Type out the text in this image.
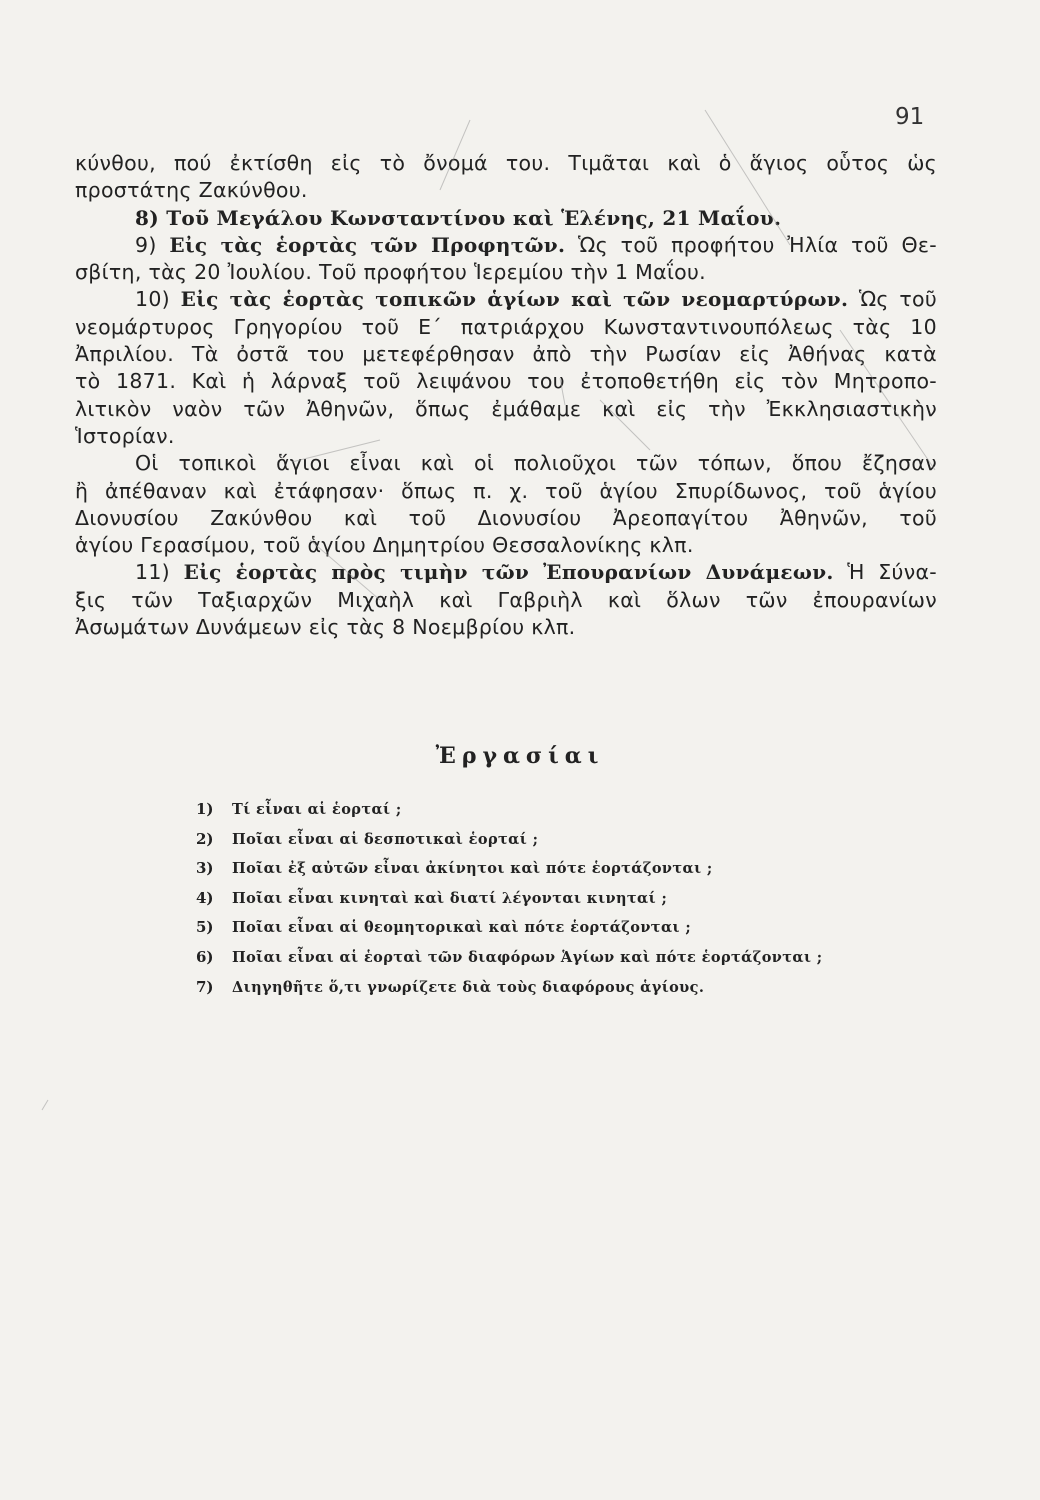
91
κύνθου, πού ἐκτίσθη εἰς τὸ ὄνομά του. Τιμᾶται καὶ ὁ ἅγιος οὗτος ὡς
προστάτης Ζακύνθου.
8) Τοῦ Μεγάλου Κωνσταντίνου καὶ Ἑλένης, 21 Μαΐου.
9) Εἰς τὰς ἑορτὰς τῶν Προφητῶν. Ὡς τοῦ προφήτου Ἠλία τοῦ Θε-
σβίτη, τὰς 20 Ἰουλίου. Τοῦ προφήτου Ἱερεμίου τὴν 1 Μαΐου.
10) Εἰς τὰς ἑορτὰς τοπικῶν ἁγίων καὶ τῶν νεομαρτύρων. Ὡς τοῦ
νεομάρτυρος Γρηγορίου τοῦ Ε΄ πατριάρχου Κωνσταντινουπόλεως τὰς 10
Ἀπριλίου. Τὰ ὀστᾶ του μετεφέρθησαν ἀπὸ τὴν Ρωσίαν εἰς Ἀθήνας κατὰ
τὸ 1871. Καὶ ἡ λάρναξ τοῦ λειψάνου του ἐτοποθετήθη εἰς τὸν Μητροπο-
λιτικὸν ναὸν τῶν Ἀθηνῶν, ὅπως ἐμάθαμε καὶ εἰς τὴν Ἐκκλησιαστικὴν
Ἱστορίαν.
Οἱ τοπικοὶ ἅγιοι εἶναι καὶ οἱ πολιοῦχοι τῶν τόπων, ὅπου ἔζησαν
ἢ ἀπέθαναν καὶ ἐτάφησαν· ὅπως π. χ. τοῦ ἁγίου Σπυρίδωνος, τοῦ ἁγίου
Διονυσίου Ζακύνθου καὶ τοῦ Διονυσίου Ἀρεοπαγίτου Ἀθηνῶν, τοῦ
ἁγίου Γερασίμου, τοῦ ἁγίου Δημητρίου Θεσσαλονίκης κλπ.
11) Εἰς ἑορτὰς πρὸς τιμὴν τῶν Ἐπουρανίων Δυνάμεων. Ἡ Σύνα-
ξις τῶν Ταξιαρχῶν Μιχαὴλ καὶ Γαβριὴλ καὶ ὅλων τῶν ἐπουρανίων
Ἀσωμάτων Δυνάμεων εἰς τὰς 8 Νοεμβρίου κλπ.
Ἐργασίαι
1) Τί εἶναι αἱ ἑορταί ;
2) Ποῖαι εἶναι αἱ δεσποτικαὶ ἑορταί ;
3) Ποῖαι ἐξ αὐτῶν εἶναι ἀκίνητοι καὶ πότε ἑορτάζονται ;
4) Ποῖαι εἶναι κινηταὶ καὶ διατί λέγονται κινηταί ;
5) Ποῖαι εἶναι αἱ θεομητορικαὶ καὶ πότε ἑορτάζονται ;
6) Ποῖαι εἶναι αἱ ἑορταὶ τῶν διαφόρων Ἁγίων καὶ πότε ἑορτάζονται ;
7) Διηγηθῆτε ὅ,τι γνωρίζετε διὰ τοὺς διαφόρους ἁγίους.
